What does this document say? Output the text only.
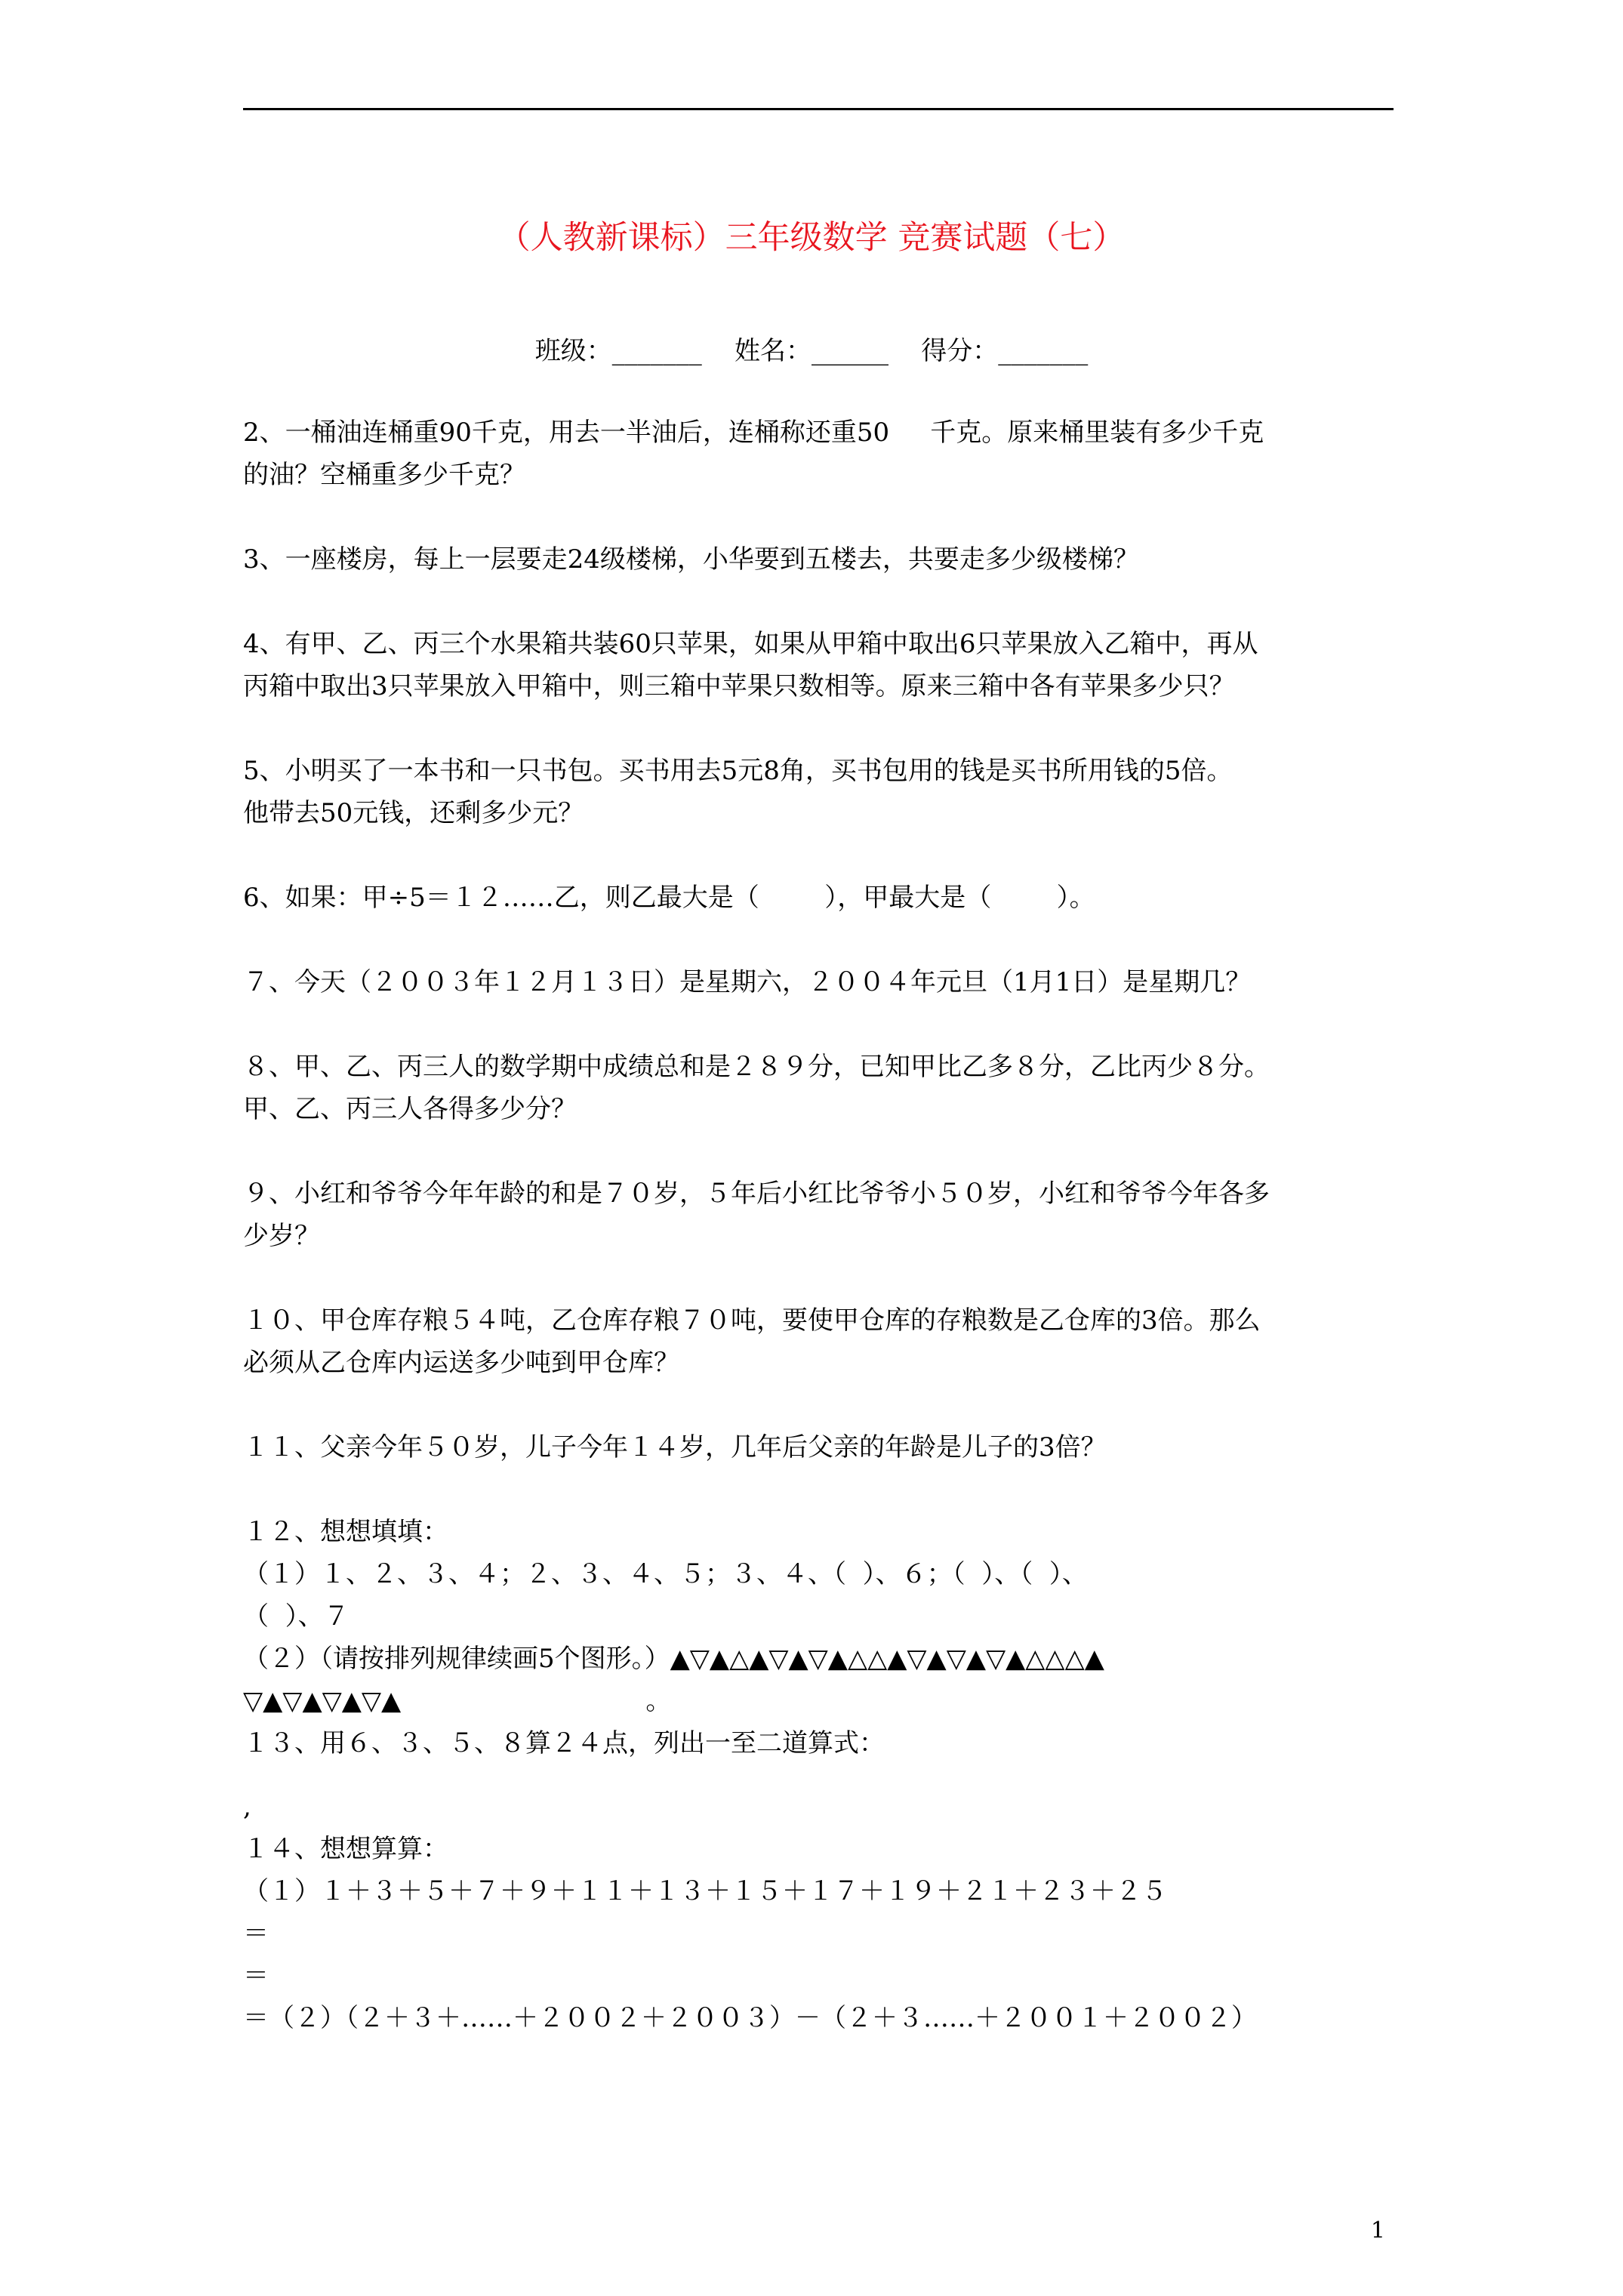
（人教新课标）三年级数学 竞赛试题（七）
班级：_______    姓名：______    得分：_______
2、一桶油连桶重90千克，用去一半油后，连桶称还重50     千克。原来桶里装有多少千克
的油？空桶重多少千克？
3、一座楼房，每上一层要走24级楼梯，小华要到五楼去，共要走多少级楼梯？
4、有甲、乙、丙三个水果箱共装60只苹果，如果从甲箱中取出6只苹果放入乙箱中，再从
丙箱中取出3只苹果放入甲箱中，则三箱中苹果只数相等。原来三箱中各有苹果多少只？
5、小明买了一本书和一只书包。买书用去5元8角，买书包用的钱是买书所用钱的5倍。
他带去50元钱，还剩多少元？
6、如果：甲÷5＝１２……乙，则乙最大是（        ），甲最大是（        ）。
７、今天（２００３年１２月１３日）是星期六，２００４年元旦（1月1日）是星期几？
８、甲、乙、丙三人的数学期中成绩总和是２８９分，已知甲比乙多８分，乙比丙少８分。
甲、乙、丙三人各得多少分？
９、小红和爷爷今年年龄的和是７０岁，５年后小红比爷爷小５０岁，小红和爷爷今年各多
少岁？
１０、甲仓库存粮５４吨，乙仓库存粮７０吨，要使甲仓库的存粮数是乙仓库的3倍。那么
必须从乙仓库内运送多少吨到甲仓库？
１１、父亲今年５０岁，儿子今年１４岁，几年后父亲的年龄是儿子的3倍？
１２、想想填填：
（１）１、２、３、４；２、３、４、５；３、４、（  ）、６；（  ）、（  ）、
（  ）、７
（２）（请按排列规律续画5个图形。）▲▽▲△▲▽▲▽▲△△▲▽▲▽▲▽▲△△△▲
▽▲▽▲▽▲▽▲                              。
１３、用６、３、５、８算２４点，列出一至二道算式：
,
１４、想想算算：
（１）１＋３＋５＋７＋９＋１１＋１３＋１５＋１７＋１９＋２１＋２３＋２５
＝
＝
＝（２）（２＋３＋……＋２００２＋２００３）－（２＋３……＋２００１＋２００２）
1
